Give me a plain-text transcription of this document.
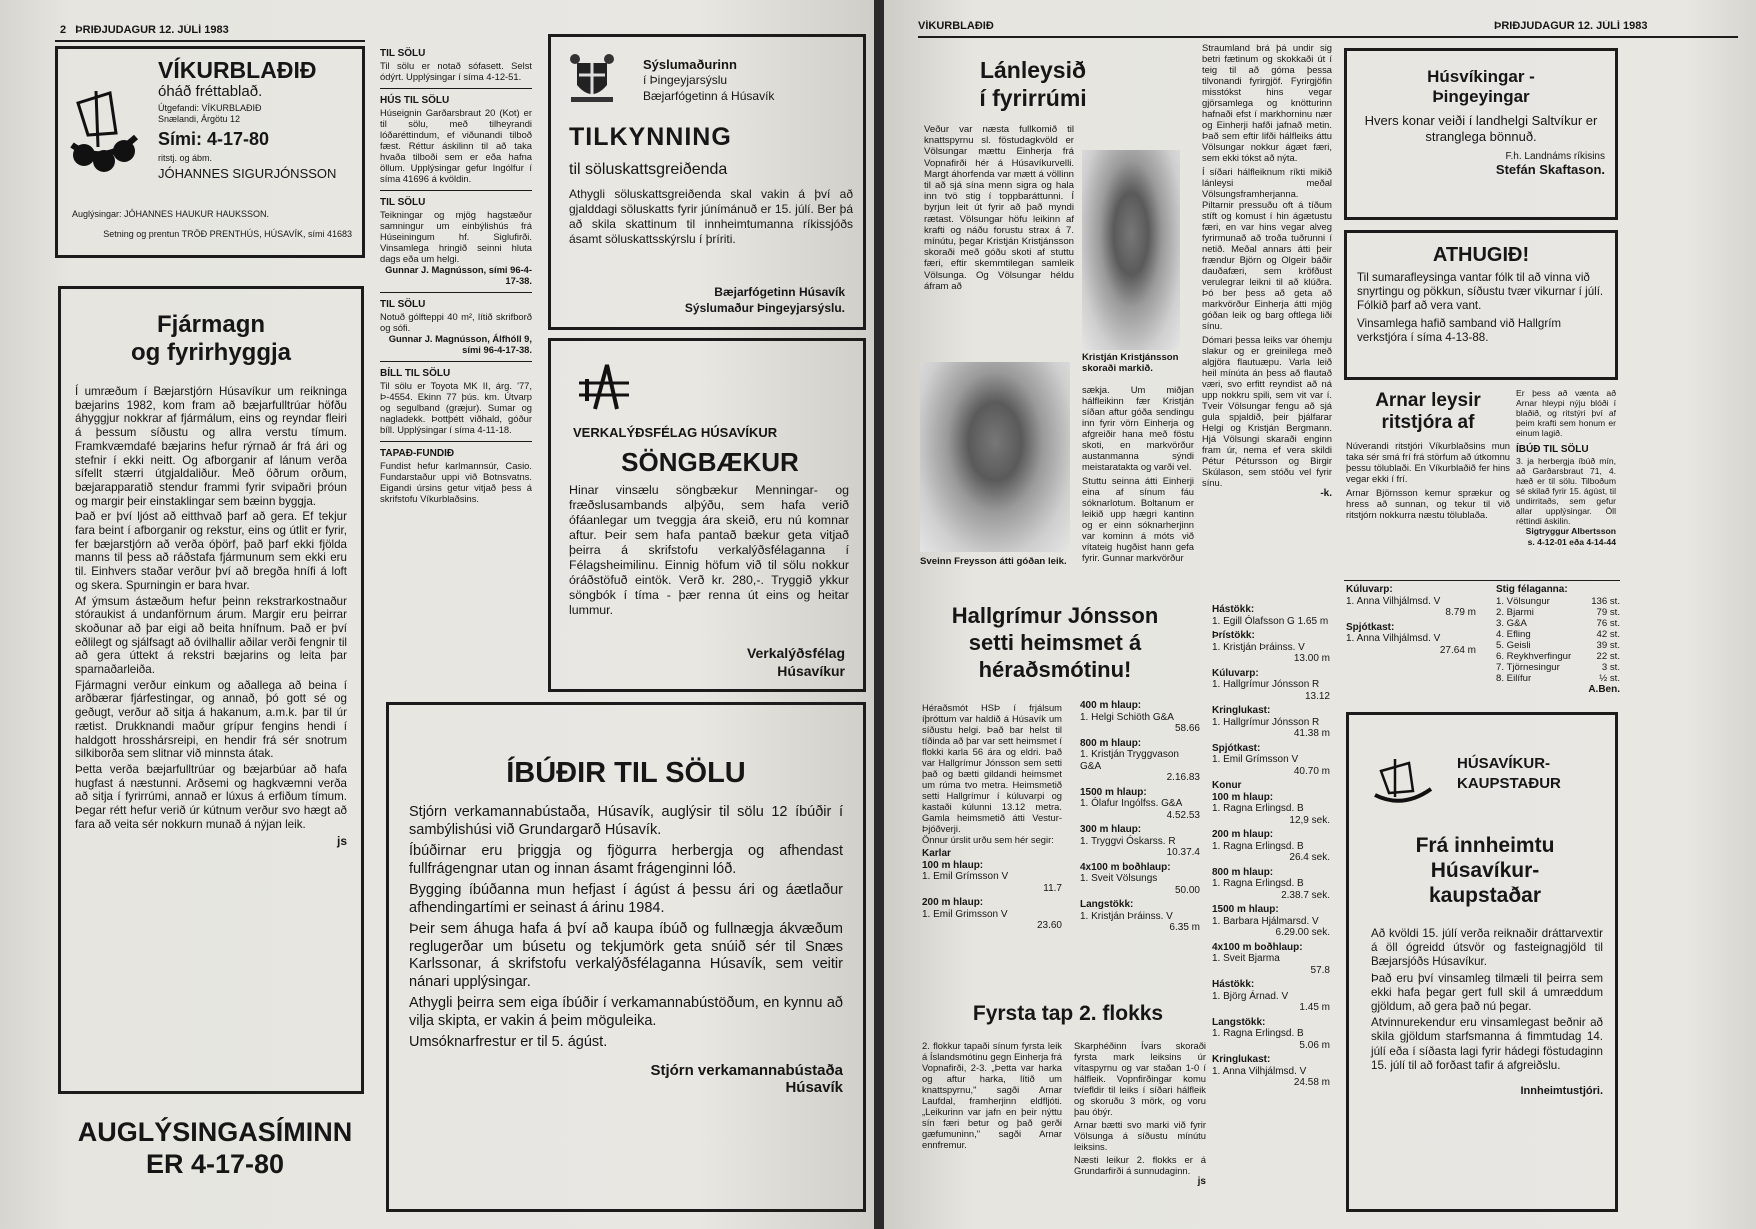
2 ÞRIÐJUDAGUR 12. JÚLÍ 1983
VÍKURBLAÐIÐ
óháð fréttablað.
Útgefandi: VÍKURBLAÐIÐ
Snælandi, Árgötu 12
Sími: 4-17-80
ritstj. og ábm.
JÓHANNES SIGURJÓNSSON
Auglýsingar: JÓHANNES HAUKUR HAUKSSON.
Setning og prentun TRÖÐ PRENTHÚS, HÚSAVÍK, sími 41683
Fjármagn
og fyrirhyggja

Í umræðum í Bæjarstjórn Húsavíkur um reikninga bæjarins 1982, kom fram að bæjarfulltrúar höfðu áhyggjur nokkrar af fjármálum, eins og reyndar fleiri á þessum síðustu og allra verstu tímum. Framkvæmdafé bæjarins hefur rýrnað ár frá ári og stefnir í ekki neitt. Og afborganir af lánum verða sífellt stærri útgjaldaliður. Með öðrum orðum, bæjarapparatið stendur frammi fyrir svipaðri þróun og margir þeir einstaklingar sem bæinn byggja.

Það er því ljóst að eitthvað þarf að gera. Ef tekjur fara beint í afborganir og rekstur, eins og útlit er fyrir, fer bæjarstjórn að verða óþörf, það þarf ekki fjölda manns til þess að ráðstafa fjármunum sem ekki eru til. Einhvers staðar verður því að bregða hnífi á loft og skera. Spurningin er bara hvar.

Af ýmsum ástæðum hefur þeinn rekstrarkostnaður stóraukist á undanförnum árum. Margir eru þeirrar skoðunar að þar eigi að beita hnífnum. Það er því eðlilegt og sjálfsagt að óvilhallir aðilar verði fengnir til að gera úttekt á rekstri bæjarins og leita þar sparnaðarleiða.

Fjármagni verður einkum og aðallega að beina í arðbærar fjárfestingar, og annað, þó gott sé og geðugt, verður að sitja á hakanum, a.m.k. þar til úr rætist. Drukknandi maður grípur fengins hendi í haldgott hrosshársreipi, en hendir frá sér snotrum silkiborða sem slitnar við minnsta átak.

Þetta verða bæjarfulltrúar og bæjarbúar að hafa hugfast á næstunni. Arðsemi og hagkvæmni verða að sitja í fyrirrúmi, annað er lúxus á erfiðum tímum. Þegar rétt hefur verið úr kútnum verður svo hægt að fara að veita sér nokkurn munað á nýjan leik.

js
AUGLÝSINGASÍMINN
ER 4-17-80
TIL SÖLU

Til sölu er notað sófasett. Selst ódýrt. Upplýsingar í síma 4-12-51.

HÚS TIL SÖLU

Húseignin Garðarsbraut 20 (Kot) er til sölu, með tilheyrandi lóðaréttindum, ef viðunandi tilboð fæst. Réttur áskilinn til að taka hvaða tilboði sem er eða hafna öllum. Upplýsingar gefur Ingólfur í síma 41696 á kvöldin.

TIL SÖLU

Teikningar og mjög hagstæður samningur um einbýlishús frá Húseiningum hf. Siglufirði. Vinsamlega hringið seinni hluta dags eða um helgi.

Gunnar J. Magnússon, sími 96-4-17-38.

TIL SÖLU

Notuð gólfteppi 40 m², lítið skrifborð og sófi.

Gunnar J. Magnússon, Álfhóll 9, sími 96-4-17-38.

BÍLL TIL SÖLU

Til sölu er Toyota MK II, árg. '77, Þ-4554. Ekinn 77 þús. km. Útvarp og segulband (græjur). Sumar og nagladekk. Þottþétt viðhald, góður bíll. Upplýsingar í síma 4-11-18.

TAPAÐ-FUNDIÐ

Fundist hefur karlmannsúr, Casio. Fundarstaður uppi við Botnsvatns. Eigandi úrsins getur vitjað þess á skrifstofu Víkurblaðsins.

Sýslumaðurinn
í Þingeyjarsýslu
Bæjarfógetinn á Húsavík
TILKYNNING
til söluskattsgreiðenda

Athygli söluskattsgreiðenda skal vakin á því að gjalddagi söluskatts fyrir júnímánuð er 15. júlí. Ber þá að skila skattinum til innheimtumanna ríkissjóðs ásamt söluskattsskýrslu í þríriti.

Bæjarfógetinn Húsavík
Sýslumaður Þingeyjarsýslu.
VERKALÝÐSFÉLAG HÚSAVÍKUR
SÖNGBÆKUR

Hinar vinsælu söngbækur Menningar- og fræðslusambands alþýðu, sem hafa verið ófáanlegar um tveggja ára skeið, eru nú komnar aftur. Þeir sem hafa pantað bækur geta vitjað þeirra á skrifstofu verkalýðsfélaganna í Félagsheimilinu. Einnig höfum við til sölu nokkur óráðstöfuð eintök. Verð kr. 280,-. Tryggið ykkur söngbók í tíma - þær renna út eins og heitar lummur.

Verkalýðsfélag
Húsavíkur
ÍBÚÐIR TIL SÖLU

Stjórn verkamannabústaða, Húsavík, auglýsir til sölu 12 íbúðir í sambýlishúsi við Grundargarð Húsavík.

Íbúðirnar eru þriggja og fjögurra herbergja og afhendast fullfrágengnar utan og innan ásamt frágenginni lóð.

Bygging íbúðanna mun hefjast í ágúst á þessu ári og áætlaður afhendingartími er seinast á árinu 1984.

Þeir sem áhuga hafa á því að kaupa íbúð og fullnægja ákvæðum reglugerðar um búsetu og tekjumörk geta snúið sér til Snæs Karlssonar, á skrifstofu verkalýðsfélaganna Húsavík, sem veitir nánari upplýsingar.

Athygli þeirra sem eiga íbúðir í verkamannabústöðum, en kynnu að vilja skipta, er vakin á þeim möguleika.

Umsóknarfrestur er til 5. ágúst.

Stjórn verkamannabústaða
Húsavík
VÍKURBLAÐIÐ	ÞRIÐJUDAGUR 12. JÚLÍ 1983
Lánleysið
í fyrirrúmi

Veður var næsta fullkomið til knattspyrnu sl. föstudagkvöld er Völsungar mættu Einherja frá Vopnafirði hér á Húsavíkurvelli. Margt áhorfenda var mætt á völlinn til að sjá sína menn sigra og hala inn tvö stig í toppbaráttunni. Í byrjun leit út fyrir að það myndi rætast. Völsungar höfu leikinn af krafti og náðu forustu strax á 7. mínútu, þegar Kristján Kristjánsson skoraði með góðu skoti af stuttu færi, eftir skemmtilegan samleik Völsunga. Og Völsungar héldu áfram að

Kristján Kristjánsson skoraði markið.
Sveinn Freysson átti góðan leik.

sækja. Um miðjan hálfleikinn fær Kristján síðan aftur góða sendingu inn fyrir vörn Einherja og afgreiðir hana með föstu skoti, en markvörður austanmanna sýndi meistaratakta og varði vel.

Stuttu seinna átti Einherji eina af sínum fáu sóknarlotum. Boltanum er leikið upp hægri kantinn og er einn sóknarherjinn var kominn á móts við vítateig hugðist hann gefa fyrir. Gunnar markvörður

Straumland brá þá undir sig betri fætinum og skokkaði út í teig til að góma þessa tilvonandi fyrirgjöf. Fyrirgjöfin misstókst hins vegar gjörsamlega og knötturinn hafnaði efst í markhorninu nær og Einherji hafði jafnað metin. Það sem eftir lifði hálfleiks áttu Völsungar nokkur ágæt færi, sem ekki tókst að nýta.

Í síðari hálfleiknum ríkti mikið lánleysi meðal Völsungsframherjanna. Piltarnir pressuðu oft á tíðum stíft og komust í hin ágætustu færi, en var hins vegar alveg fyrirmunað að troða tuðrunni í netið. Meðal annars átti þeir frændur Björn og Olgeir báðir dauðafæri, sem kröfðust verulegrar leikni til að klúðra. Þó ber þess að geta að markvörður Einherja átti mjög góðan leik og barg oftlega liði sínu.

Dómari þessa leiks var óhemju slakur og er greinilega með algjöra flautuæpu. Varla leið heil mínúta án þess að flautað væri, svo erfitt reyndist að ná upp nokkru spili, sem vit var í. Tveir Völsungar fengu að sjá gula spjaldið, þeir þjálfarar Helgi og Kristján Bergmann. Hjá Völsungi skaraði enginn fram úr, nema ef vera skildi Pétur Pétursson og Birgir Skúlason, sem stóðu vel fyrir sínu.

-k.
Húsvíkingar -
Þingeyingar

Hvers konar veiði í landhelgi Saltvíkur er stranglega bönnuð.

F.h. Landnáms ríkisins
Stefán Skaftason.
ATHUGIÐ!

Til sumarafleysinga vantar fólk til að vinna við snyrtingu og pökkun, síðustu tvær vikurnar í júlí. Fólkið þarf að vera vant.

Vinsamlega hafið samband við Hallgrím verkstjóra í síma 4-13-88.

Arnar leysir
ritstjóra af

Núverandi ritstjóri Víkurblaðsins mun taka sér smá frí frá störfum að útkomnu þessu tölublaði. En Víkurblaðið fer hins vegar ekki í frí.

Arnar Björnsson kemur sprækur og hress að sunnan, og tekur til við ritstjórn nokkurra næstu tölublaða.

Er þess að vænta að Arnar hleypi nýju blóði í blaðið, og ritstýri því af þeim krafti sem honum er einum lagið.

ÍBÚÐ TIL SÖLU

3. ja herbergja íbúð mín, að Garðarsbraut 71, 4. hæð er til sölu. Tilboðum sé skilað fyrir 15. ágúst, til undirritaðs, sem gefur allar upplýsingar. Öll réttindi áskilin.

Sigtryggur Albertsson

s. 4-12-01 eða 4-14-44

Hallgrímur Jónsson
setti heimsmet á
héraðsmótinu!

Héraðsmót HSÞ í frjálsum íþróttum var haldið á Húsavík um síðustu helgi. Það bar helst til tíðinda að þar var sett heimsmet í flokki karla 56 ára og eldri. Það var Hallgrímur Jónsson sem setti það og bætti gildandi heimsmet um rúma tvo metra. Heimsmetið setti Hallgrímur í kúluvarpi og kastaði kúlunni 13.12 metra. Gamla heimsmetið átti Vestur-Þjóðverji.

Önnur úrslit urðu sem hér segir:

Karlar
100 m hlaup:
1. Emil Grímsson V
11.7
200 m hlaup:
1. Emil Grimsson V
23.60
400 m hlaup:
1. Helgi Schiöth G&A
58.66
800 m hlaup:
1. Kristján Tryggvason G&A
2.16.83
1500 m hlaup:
1. Ólafur Ingólfss. G&A
4.52.53
300 m hlaup:
1. Tryggvi Óskarss. R
10.37.4
4x100 m boðhlaup:
1. Sveit Völsungs
50.00
Langstökk:
1. Kristján Þráinss. V
6.35 m
Hástökk:
1. Egill Ólafsson G 1.65 m
Þrístökk:
1. Kristján Þráinss. V
13.00 m
Kúluvarp:
1. Hallgrímur Jónsson R
13.12
Kringlukast:
1. Hallgrímur Jónsson R
41.38 m
Spjótkast:
1. Emil Grímsson V
40.70 m
Konur
100 m hlaup:
1. Ragna Erlingsd. B
12,9 sek.
200 m hlaup:
1. Ragna Erlingsd. B
26.4 sek.
800 m hlaup:
1. Ragna Erlingsd. B
2.38.7 sek.
1500 m hlaup:
1. Barbara Hjálmarsd. V
6.29.00 sek.
4x100 m boðhlaup:
1. Sveit Bjarma
57.8
Hástökk:
1. Björg Árnad. V
1.45 m
Langstökk:
1. Ragna Erlingsd. B
5.06 m
Kringlukast:
1. Anna Vilhjálmsd. V
24.58 m
Kúluvarp:
1. Anna Vilhjálmsd. V
8.79 m
Spjótkast:
1. Anna Vilhjálmsd. V
27.64 m
Stig félaganna:
1. Völsungur	136 st.
2. Bjarmi	79 st.
3. G&A	76 st.
4. Efling	42 st.
5. Geisli	39 st.
6. Reykhverfingur	22 st.
7. Tjörnesingur	3 st.
8. Eilífur	½ st.
A.Ben.
Fyrsta tap 2. flokks

2. flokkur tapaði sínum fyrsta leik á Íslandsmótinu gegn Einherja frá Vopnafirði, 2-3. „Þetta var harka og aftur harka, lítið um knattspyrnu," sagði Arnar Laufdal, framherjinn eldfljóti. „Leikurinn var jafn en þeir nýttu sín færi betur og það gerði gæfumuninn," sagði Arnar ennfremur.

Skarphéðinn Ívars skoraði fyrsta mark leiksins úr vítaspyrnu og var staðan 1-0 í hálfleik. Vopnfirðingar komu tvíefldir til leiks í síðari hálfleik og skoruðu 3 mörk, og voru þau óbýr.

Arnar bætti svo marki við fyrir Völsunga á síðustu mínútu leiksins.

Næsti leikur 2. flokks er á Grundarfirði á sunnudaginn.

js
HÚSAVÍKUR-
KAUPSTAÐUR
Frá innheimtu
Húsavíkur-
kaupstaðar

Að kvöldi 15. júlí verða reiknaðir dráttarvextir á öll ógreidd útsvör og fasteignagjöld til Bæjarsjóðs Húsavíkur.

Það eru því vinsamleg tilmæli til þeirra sem ekki hafa þegar gert full skil á umræddum gjöldum, að gera það nú þegar.

Atvinnurekendur eru vinsamlegast beðnir að skila gjöldum starfsmanna á fimmtudag 14. júlí eða í síðasta lagi fyrir hádegi föstudaginn 15. júlí til að forðast tafir á afgreiðslu.

Innheimtustjóri.
